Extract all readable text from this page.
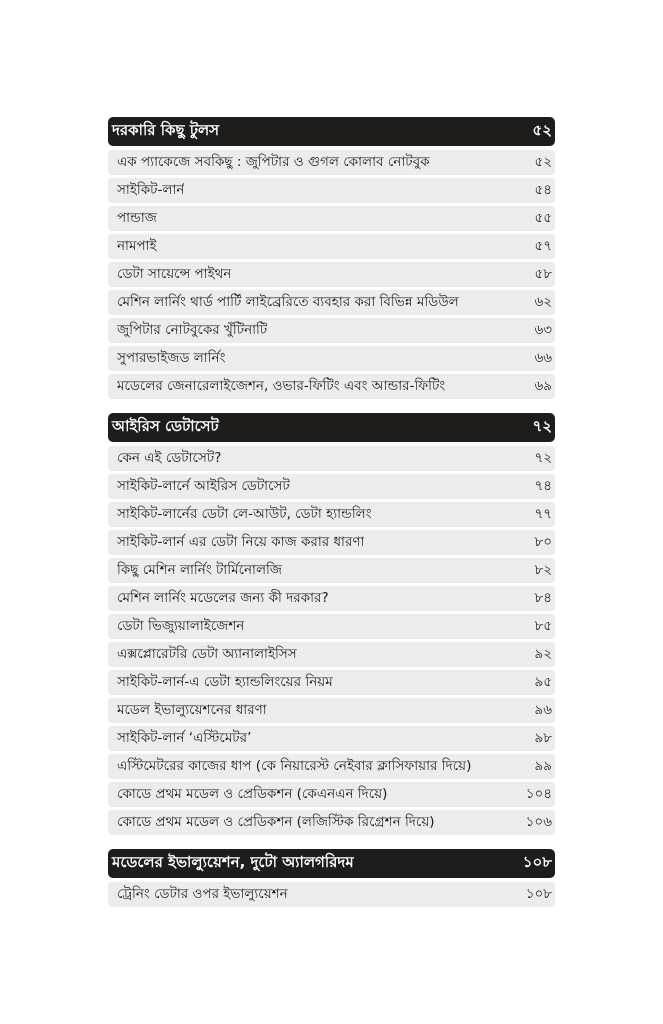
দরকারি কিছু টুলস	৫২
এক প্যাকেজে সবকিছু : জুপিটার ও গুগল কোলাব নোটবুক	৫২
সাইকিট-লার্ন	৫৪
পান্ডাজ	৫৫
নামপাই	৫৭
ডেটা সায়েন্সে পাইথন	৫৮
মেশিন লার্নিং থার্ড পার্টি লাইব্রেরিতে ব্যবহার করা বিভিন্ন মডিউল	৬২
জুপিটার নোটবুকের খুঁটিনাটি	৬৩
সুপারভাইজড লার্নিং	৬৬
মডেলের জেনারেলাইজেশন, ওভার-ফিটিং এবং আন্ডার-ফিটিং	৬৯
আইরিস ডেটাসেট	৭২
কেন এই ডেটাসেট?	৭২
সাইকিট-লার্নে আইরিস ডেটাসেট	৭৪
সাইকিট-লার্নের ডেটা লে-আউট, ডেটা হ্যান্ডলিং	৭৭
সাইকিট-লার্ন এর ডেটা নিয়ে কাজ করার ধারণা	৮০
কিছু মেশিন লার্নিং টার্মিনোলজি	৮২
মেশিন লার্নিং মডেলের জন্য কী দরকার?	৮৪
ডেটা ভিজ্যুয়ালাইজেশন	৮৫
এক্সপ্লোরেটরি ডেটা অ্যানালাইসিস	৯২
সাইকিট-লার্ন-এ ডেটা হ্যান্ডলিংয়ের নিয়ম	৯৫
মডেল ইভাল্যুয়েশনের ধারণা	৯৬
সাইকিট-লার্ন ‘এস্টিমেটর’	৯৮
এস্টিমেটরের কাজের ধাপ (কে নিয়ারেস্ট নেইবার ক্লাসিফায়ার দিয়ে)	৯৯
কোডে প্রথম মডেল ও প্রেডিকশন (কেএনএন দিয়ে)	১০৪
কোডে প্রথম মডেল ও প্রেডিকশন (লজিস্টিক রিগ্রেশন দিয়ে)	১০৬
মডেলের ইভাল্যুয়েশন, দুটো অ্যালগরিদম	১০৮
ট্রেনিং ডেটার ওপর ইভাল্যুয়েশন	১০৮
